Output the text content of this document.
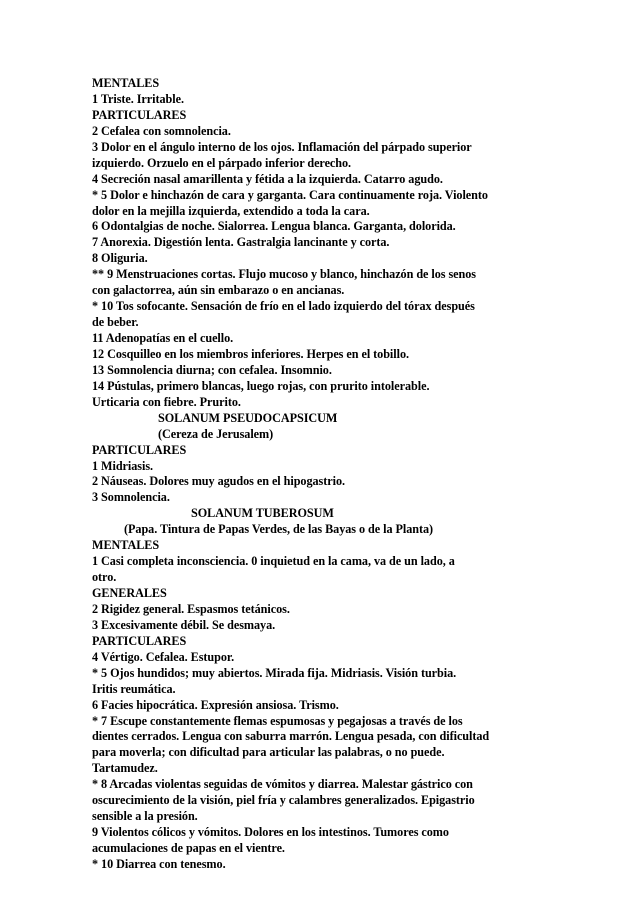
MENTALES
1 Triste. Irritable.
PARTICULARES
2 Cefalea con somnolencia.
3 Dolor en el ángulo interno de los ojos. Inflamación del párpado superior
izquierdo. Orzuelo en el párpado inferior derecho.
4 Secreción nasal amarillenta y fétida a la izquierda. Catarro agudo.
* 5 Dolor e hinchazón de cara y garganta. Cara continuamente roja. Violento
dolor en la mejilla izquierda, extendido a toda la cara.
6 Odontalgias de noche. Sialorrea. Lengua blanca. Garganta, dolorida.
7 Anorexia. Digestión lenta. Gastralgia lancinante y corta.
8 Oliguria.
** 9 Menstruaciones cortas. Flujo mucoso y blanco, hinchazón de los senos
con galactorrea, aún sin embarazo o en ancianas.
* 10 Tos sofocante. Sensación de frío en el lado izquierdo del tórax después
de beber.
11 Adenopatías en el cuello.
12 Cosquilleo en los miembros inferiores. Herpes en el tobillo.
13 Somnolencia diurna; con cefalea. Insomnio.
14 Pústulas, primero blancas, luego rojas, con prurito intolerable.
Urticaria con fiebre. Prurito.
SOLANUM PSEUDOCAPSICUM
(Cereza de Jerusalem)
PARTICULARES
1 Midriasis.
2 Náuseas. Dolores muy agudos en el hipogastrio.
3 Somnolencia.
SOLANUM TUBEROSUM
(Papa. Tintura de Papas Verdes, de las Bayas o de la Planta)
MENTALES
1 Casi completa inconsciencia. 0 inquietud en la cama, va de un lado, a
otro.
GENERALES
2 Rigidez general. Espasmos tetánicos.
3 Excesivamente débil. Se desmaya.
PARTICULARES
4 Vértigo. Cefalea. Estupor.
* 5 Ojos hundidos; muy abiertos. Mirada fija. Midriasis. Visión turbia.
Iritis reumática.
6 Facies hipocrática. Expresión ansiosa. Trismo.
* 7 Escupe constantemente flemas espumosas y pegajosas a través de los
dientes cerrados. Lengua con saburra marrón. Lengua pesada, con dificultad
para moverla; con dificultad para articular las palabras, o no puede.
Tartamudez.
* 8 Arcadas violentas seguidas de vómitos y diarrea. Malestar gástrico con
oscurecimiento de la visión, piel fría y calambres generalizados. Epigastrio
sensible a la presión.
9 Violentos cólicos y vómitos. Dolores en los intestinos. Tumores como
acumulaciones de papas en el vientre.
* 10 Diarrea con tenesmo.
